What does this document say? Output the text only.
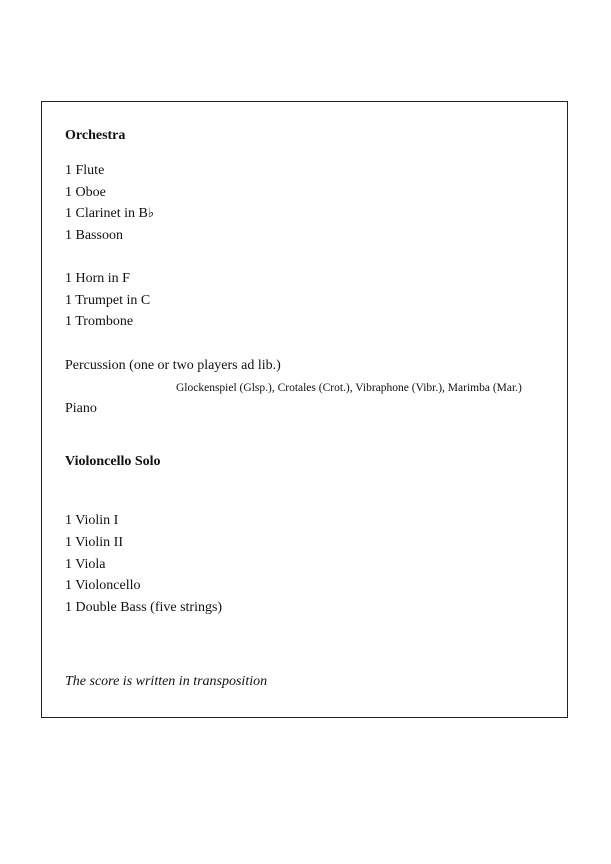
Orchestra
1 Flute
1 Oboe
1 Clarinet in B♭
1 Bassoon
1 Horn in F
1 Trumpet in C
1 Trombone
Percussion (one or two players ad lib.)
Glockenspiel (Glsp.), Crotales (Crot.), Vibraphone (Vibr.), Marimba (Mar.)
Piano
Violoncello Solo
1 Violin I
1 Violin II
1 Viola
1 Violoncello
1 Double Bass (five strings)
The score is written in transposition
